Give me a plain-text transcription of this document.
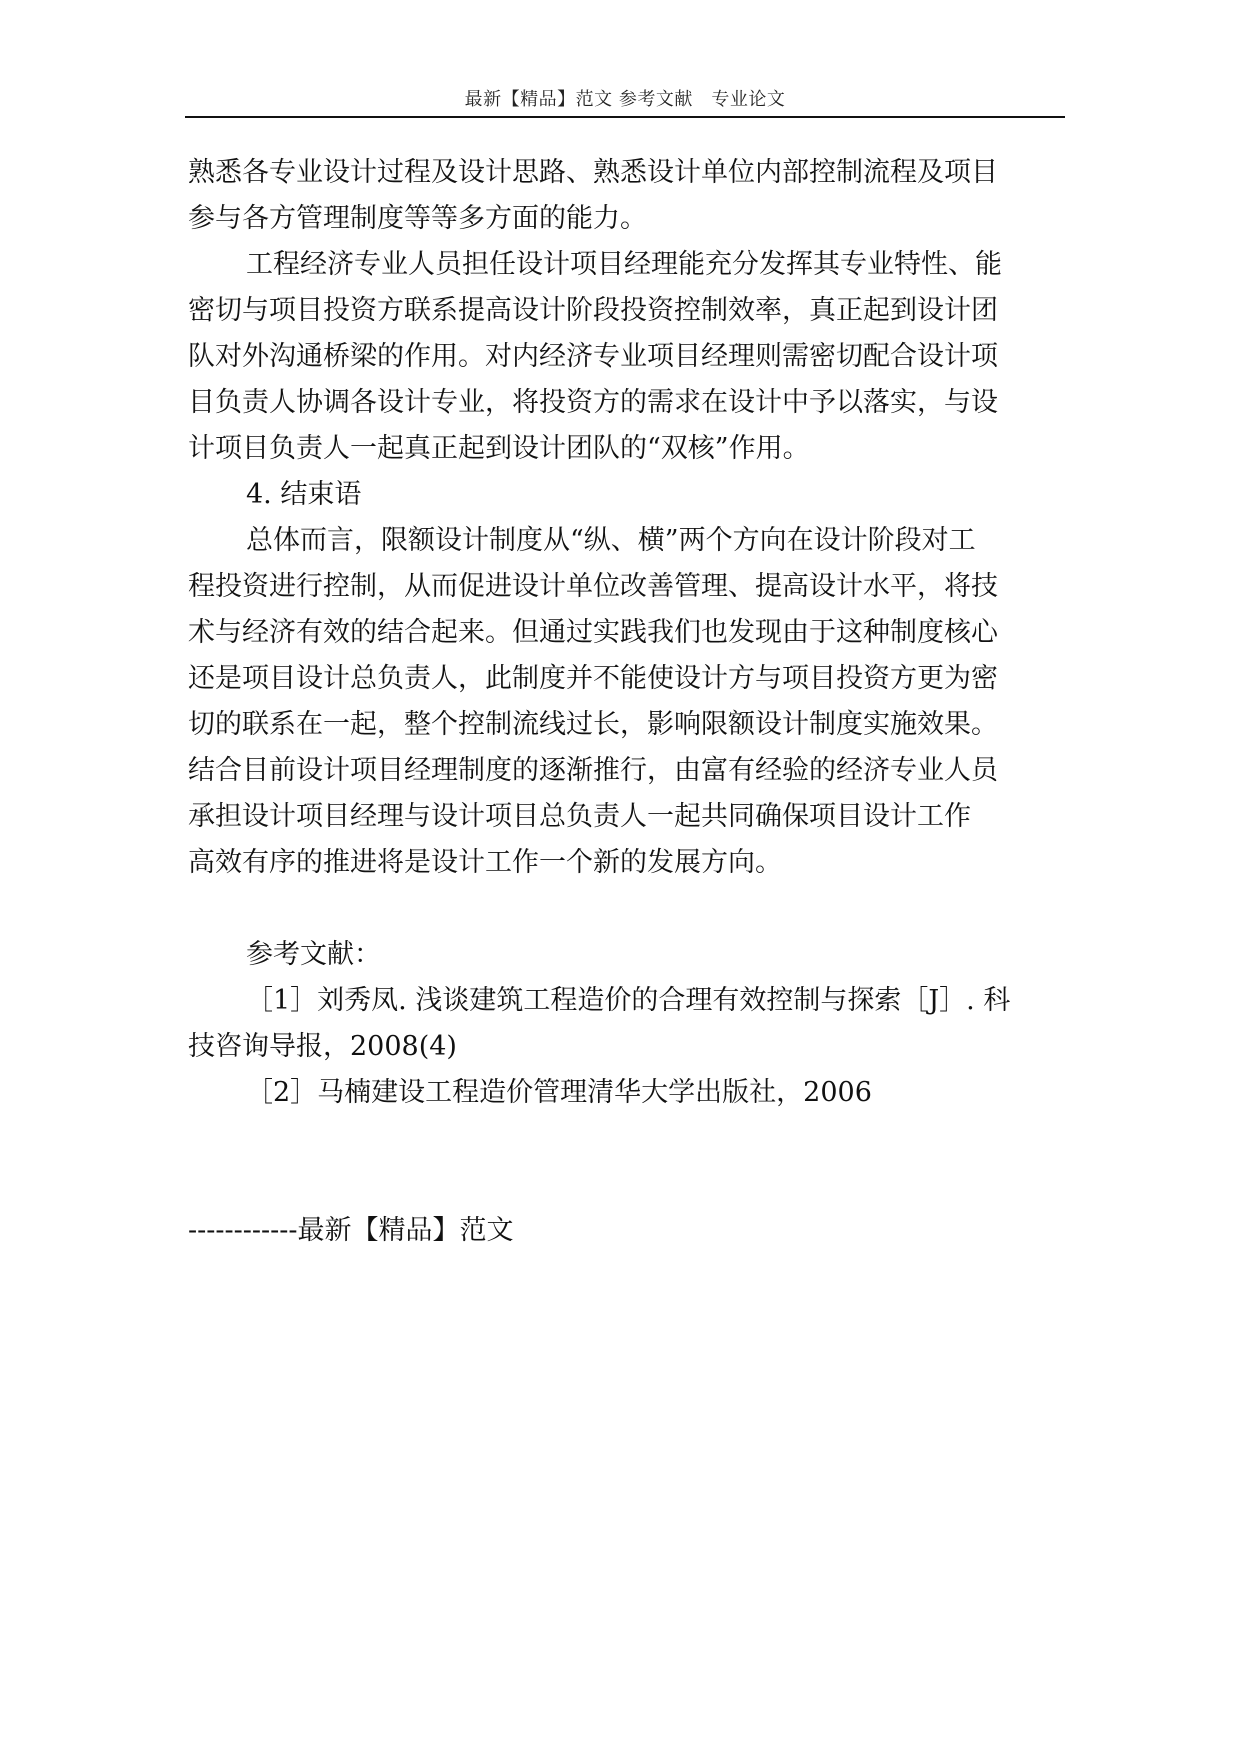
最新【精品】范文 参考文献　专业论文
熟悉各专业设计过程及设计思路、熟悉设计单位内部控制流程及项目
参与各方管理制度等等多方面的能力。
工程经济专业人员担任设计项目经理能充分发挥其专业特性、能
密切与项目投资方联系提高设计阶段投资控制效率，真正起到设计团
队对外沟通桥梁的作用。对内经济专业项目经理则需密切配合设计项
目负责人协调各设计专业，将投资方的需求在设计中予以落实，与设
计项目负责人一起真正起到设计团队的“双核”作用。
4. 结束语
总体而言，限额设计制度从“纵、横”两个方向在设计阶段对工
程投资进行控制，从而促进设计单位改善管理、提高设计水平，将技
术与经济有效的结合起来。但通过实践我们也发现由于这种制度核心
还是项目设计总负责人，此制度并不能使设计方与项目投资方更为密
切的联系在一起，整个控制流线过长，影响限额设计制度实施效果。
结合目前设计项目经理制度的逐渐推行，由富有经验的经济专业人员
承担设计项目经理与设计项目总负责人一起共同确保项目设计工作
高效有序的推进将是设计工作一个新的发展方向。
参考文献：
［1］刘秀凤. 浅谈建筑工程造价的合理有效控制与探索［J］. 科
技咨询导报，2008(4)
［2］马楠建设工程造价管理清华大学出版社，2006
------------最新【精品】范文
